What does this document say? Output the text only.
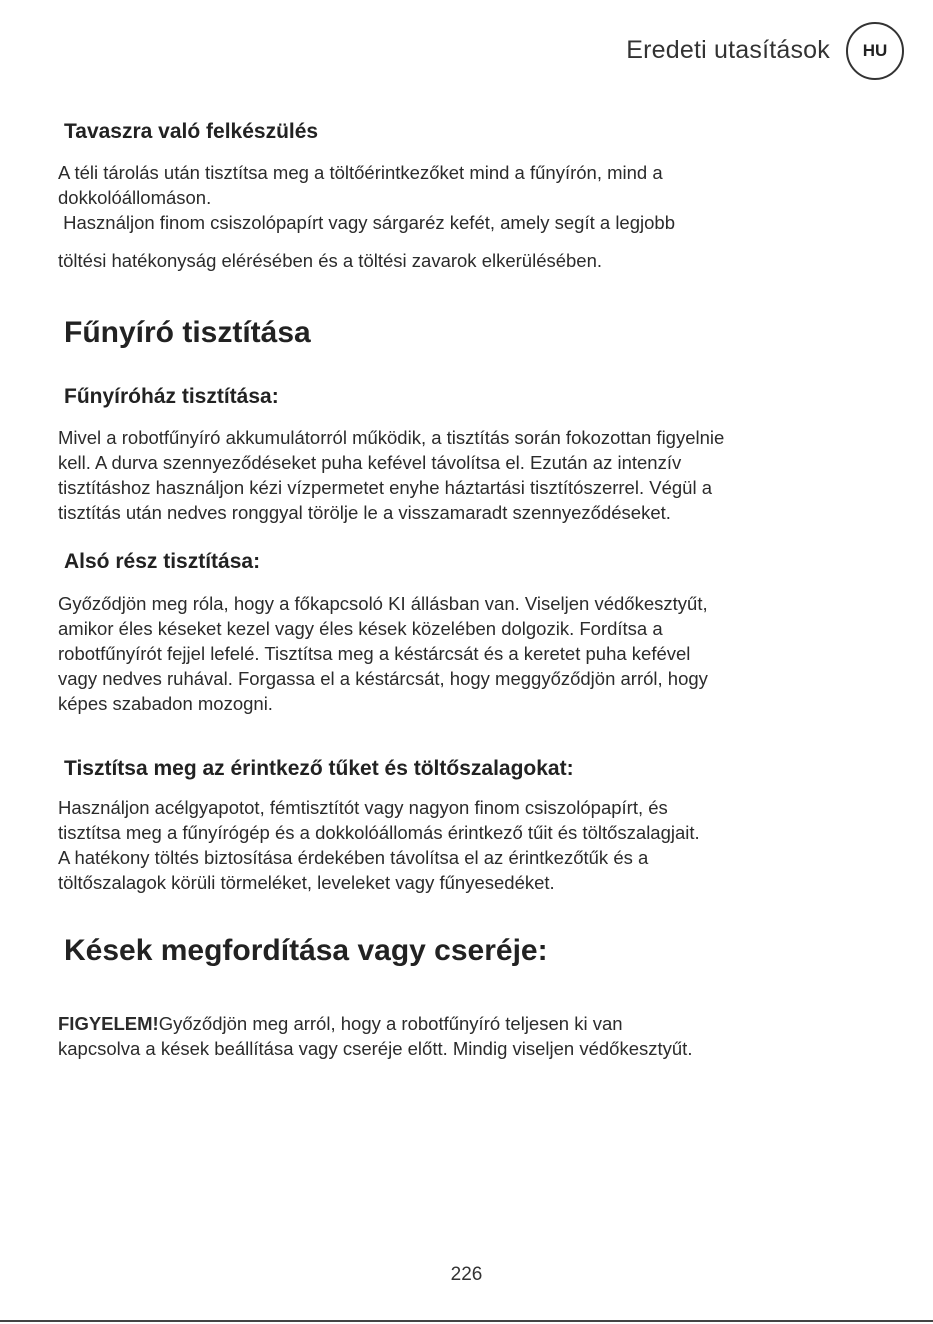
Eredeti utasítások	HU
Tavaszra való felkészülés
A téli tárolás után tisztítsa meg a töltőérintkezőket mind a fűnyírón, mind a
dokkolóállomáson.
Használjon finom csiszolópapírt vagy sárgaréz kefét, amely segít a legjobb
töltési hatékonyság elérésében és a töltési zavarok elkerülésében.
Fűnyíró tisztítása
Fűnyíróház tisztítása:
Mivel a robotfűnyíró akkumulátorról működik, a tisztítás során fokozottan figyelnie
kell. A durva szennyeződéseket puha kefével távolítsa el. Ezután az intenzív
tisztításhoz használjon kézi vízpermetet enyhe háztartási tisztítószerrel. Végül a
tisztítás után nedves ronggyal törölje le a visszamaradt szennyeződéseket.
Alsó rész tisztítása:
Győződjön meg róla, hogy a főkapcsoló KI állásban van. Viseljen védőkesztyűt,
amikor éles késeket kezel vagy éles kések közelében dolgozik. Fordítsa a
robotfűnyírót fejjel lefelé. Tisztítsa meg a késtárcsát és a keretet puha kefével
vagy nedves ruhával. Forgassa el a késtárcsát, hogy meggyőződjön arról, hogy
képes szabadon mozogni.
Tisztítsa meg az érintkező tűket és töltőszalagokat:
Használjon acélgyapotot, fémtisztítót vagy nagyon finom csiszolópapírt, és
tisztítsa meg a fűnyírógép és a dokkolóállomás érintkező tűit és töltőszalagjait.
A hatékony töltés biztosítása érdekében távolítsa el az érintkezőtűk és a
töltőszalagok körüli törmeléket, leveleket vagy fűnyesedéket.
Kések megfordítása vagy cseréje:
FIGYELEM!Győződjön meg arról, hogy a robotfűnyíró teljesen ki van
kapcsolva a kések beállítása vagy cseréje előtt. Mindig viseljen védőkesztyűt.
226
